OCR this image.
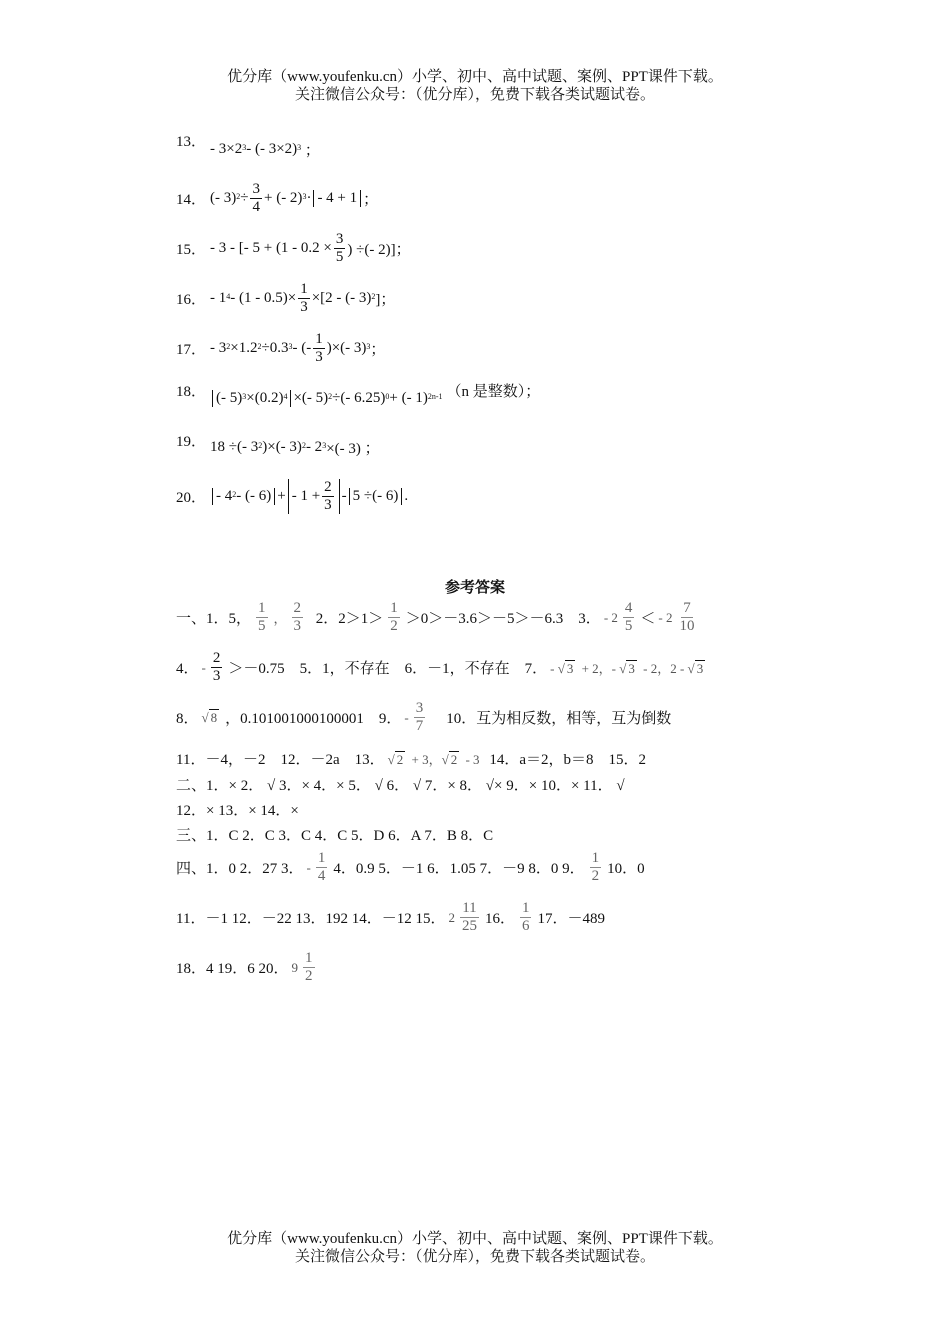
优分库（www.youfenku.cn）小学、初中、高中试题、案例、PPT课件下载。
关注微信公众号：（优分库），免费下载各类试题试卷。
13． - $3\times 2^3$ - (- 3×2)$^3$ ；
14． (- 3)$^2$ ÷
3
4
+ (- 2)$^3$ · - 4 + 1 ；
15． - 3 - [- 5 + (1 - 0.2 ×
3
5 ) ÷(- 2)]；
16． - $1^4 - (1 - 0.5)\times$
1
3
×[2 - (- 3)$^2$ ]；
17． - $3^2 \times 1.2^2 \div 0.3^3$ - (-
1
3
)×(- 3)$^3$ ；
18． (- $5)^3 \times(0.2)^4$ ×(- 5)$^2$ ÷(- 6.25)$^0$ + (- 1)$^{2n-1}$ （n 是整数）；
19． 18 ÷(- $3^2$ )×(- $3)^2 - 2^3$ ×(- 3) ；
20． - $4^2$ - (- 6) + - 1 +
2
3
- 5 ÷(- 6) .
参考答案
一、1．5，
1
5 ，
2
3
2．2＞1＞
1
2 ＞0＞－3.6＞－5＞－6.3　3． - 2
4
5 ＜ - 2
7
10
4． -
2
3 ＞－0.75　5．1，不存在　6．－1，不存在　7． - √ 3 + 2，- √ 3 - 2，2 - √ 3
8． √ 8 ，0.101001000100001　9． -
3
7 　10．互为相反数，相等，互为倒数
11．－4，－2　12．－2a　13． √ 2 + 3，√ 2 - 3
14．a＝2，b＝8　15．2
二、1．× 2． √ 3．× 4．× 5． √ 6． √ 7．× 8． √× 9．× 10．× 11． √
12．× 13．× 14．×
三、1．C 2．C 3．C 4．C 5．D 6．A 7．B 8．C
四、1．0 2．27 3． -
1
4 4．0.9 5．－1 6．1.05 7．－9 8．0 9．
1
2 10．0
11．－1 12．－22 13．192 14．－12 15． 2
11
25 16．
1
6 17．－489
18．4 19．6 20． 9
1
2
优分库（www.youfenku.cn）小学、初中、高中试题、案例、PPT课件下载。
关注微信公众号：（优分库），免费下载各类试题试卷。
